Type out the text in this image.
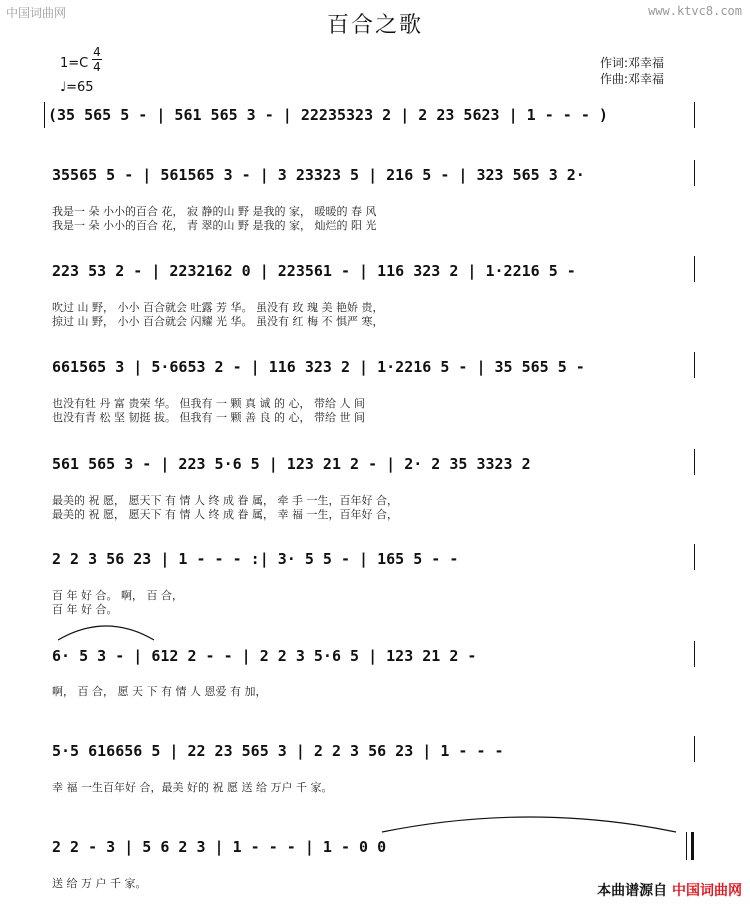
中国词曲网	www.ktvc8.com
百合之歌
1=C
4
4
♩=65
作词:邓幸福
作曲:邓幸福
(35 565 5 - | 561 565 3 - | 22235323 2 | 2 23 5623 | 1 - - - )
35565 5 - | 561565 3 - | 3 23323 5 | 216 5 - | 323 565 3 2·
我是一 朵 小小的百合 花， 寂 静的山 野 是我的 家， 暖暖的 春 风
我是一 朵 小小的百合 花， 青 翠的山 野 是我的 家， 灿烂的 阳 光
223 53 2 - | 2232162 0 | 223561 - | 116 323 2 | 1·2216 5 -
吹过 山 野， 小小 百合就会 吐露 芳 华。 虽没有 玫 瑰 美 艳娇 贵，
掠过 山 野， 小小 百合就会 闪耀 光 华。 虽没有 红 梅 不 惧严 寒，
661565 3 | 5·6653 2 - | 116 323 2 | 1·2216 5 - | 35 565 5 -
也没有牡 丹 富 贵荣 华。 但我有 一 颗 真 诚 的 心， 带给 人 间
也没有青 松 坚 韧挺 拔。 但我有 一 颗 善 良 的 心， 带给 世 间
561 565 3 - | 223 5·6 5 | 123 21 2 - | 2· 2 35 3323 2
最美的 祝 愿， 愿天下 有 情 人 终 成 眷 属， 牵 手 一生，百年好 合，
最美的 祝 愿， 愿天下 有 情 人 终 成 眷 属， 幸 福 一生，百年好 合，
2 2 3 56 23 | 1 - - - :| 3· 5 5 - | 165 5 - -
百 年 好 合。 啊， 百 合，
百 年 好 合。
6· 5 3 - | 612 2 - - | 2 2 3 5·6 5 | 123 21 2 -
啊， 百 合， 愿 天 下 有 情 人 恩爱 有 加，
5·5 616656 5 | 22 23 565 3 | 2 2 3 56 23 | 1 - - -
幸 福 一生百年好 合，最美 好的 祝 愿 送 给 万户 千 家。
2 2 - 3 | 5 6 2 3 | 1 - - - | 1 - 0 0
送 给 万 户 千 家。	本曲谱源自 中国词曲网
